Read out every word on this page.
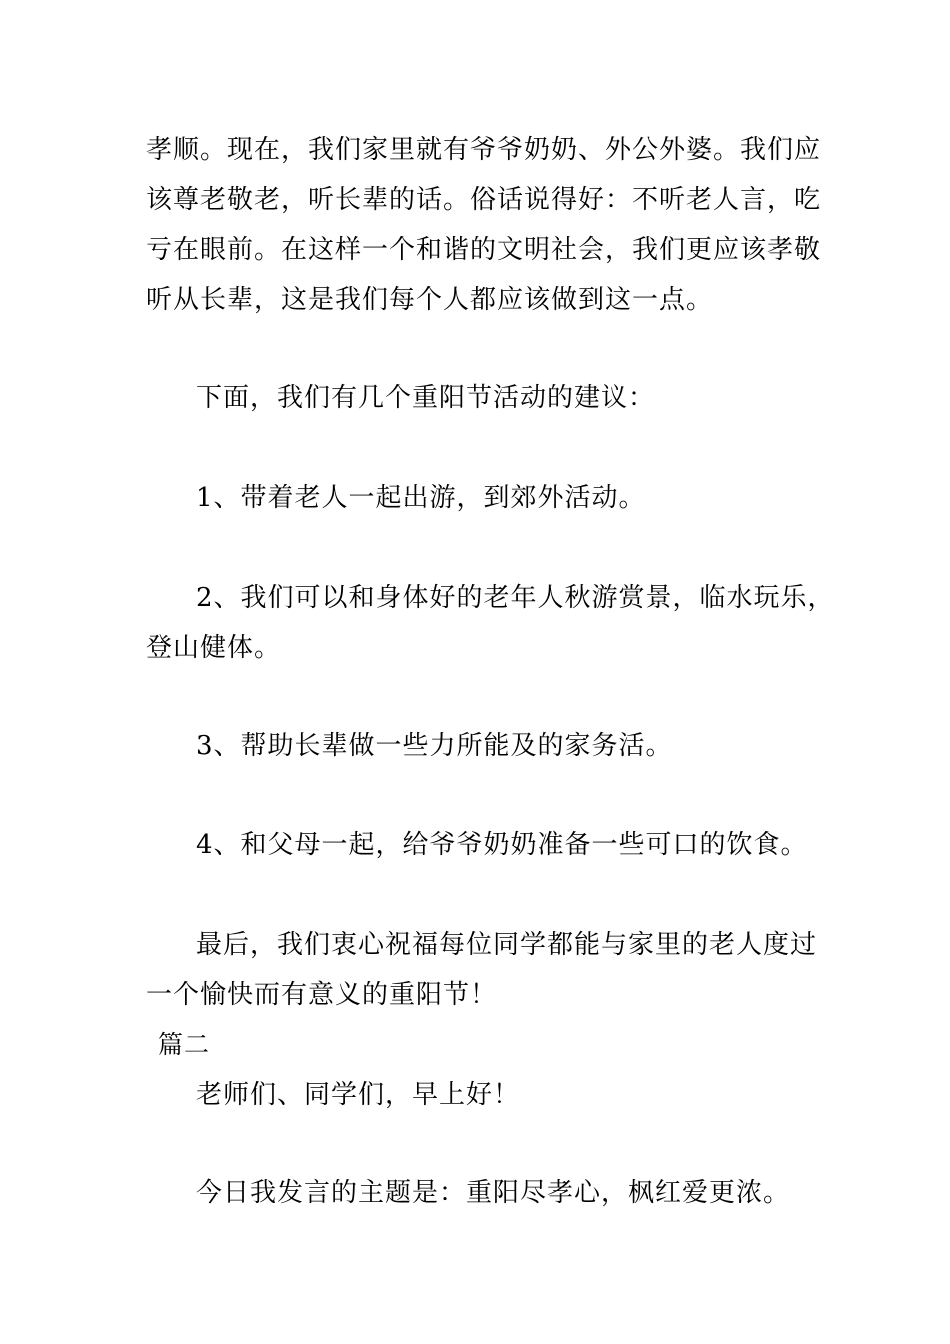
孝顺。现在，我们家里就有爷爷奶奶、外公外婆。我们应
该尊老敬老，听长辈的话。俗话说得好：不听老人言，吃
亏在眼前。在这样一个和谐的文明社会，我们更应该孝敬
听从长辈，这是我们每个人都应该做到这一点。
下面，我们有几个重阳节活动的建议：
1、带着老人一起出游，到郊外活动。
2、我们可以和身体好的老年人秋游赏景，临水玩乐，
登山健体。
3、帮助长辈做一些力所能及的家务活。
4、和父母一起，给爷爷奶奶准备一些可口的饮食。
最后，我们衷心祝福每位同学都能与家里的老人度过
一个愉快而有意义的重阳节！
篇二
老师们、同学们，早上好！
今日我发言的主题是：重阳尽孝心，枫红爱更浓。
